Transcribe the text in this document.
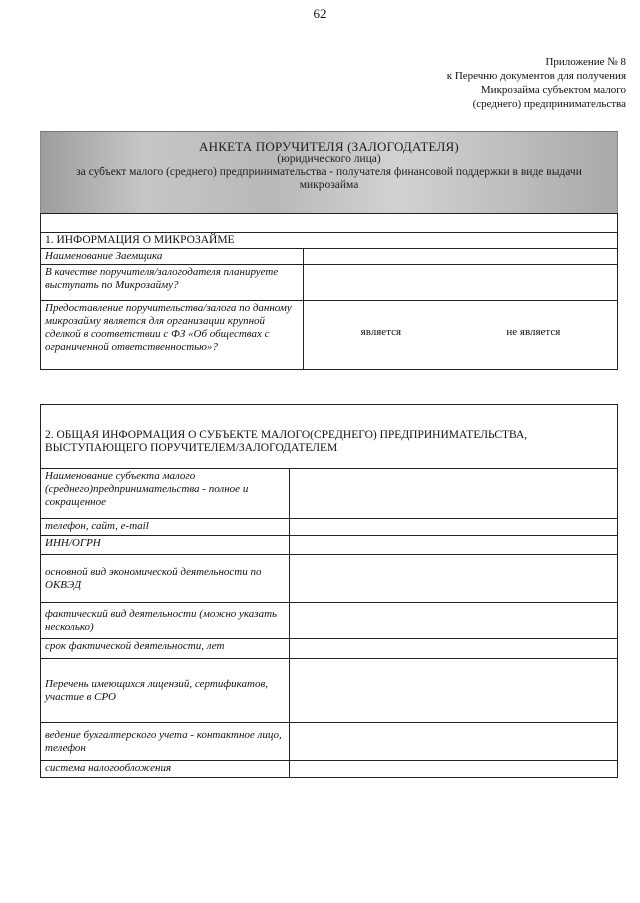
62
Приложение № 8
к Перечню документов для получения
Микрозайма субъектом малого
(среднего) предпринимательства
АНКЕТА ПОРУЧИТЕЛЯ (ЗАЛОГОДАТЕЛЯ)
(юридического лица)
за субъект малого (среднего) предпринимательства - получателя финансовой поддержки в виде выдачи
микрозайма

1. ИНФОРМАЦИЯ О МИКРОЗАЙМЕ	
Наименование Заемщика	
В качестве поручителя/залогодателя планируете выступать по Микрозайму?	
Предоставление поручительства/залога по данному микрозайму является для организации крупной сделкой в соответствии с ФЗ «Об обществах с ограниченной ответственностью»?	является не является
2. ОБЩАЯ ИНФОРМАЦИЯ О СУБЪЕКТЕ МАЛОГО(СРЕДНЕГО) ПРЕДПРИНИМАТЕЛЬСТВА, ВЫСТУПАЮЩЕГО ПОРУЧИТЕЛЕМ/ЗАЛОГОДАТЕЛЕМ	
Наименование субъекта малого (среднего)предпринимательства - полное и сокращенное	
телефон, сайт, e-mail	
ИНН/ОГРН	
основной вид экономической деятельности по ОКВЭД	
фактический вид деятельности (можно указать несколько)	
срок фактической деятельности, лет	
Перечень имеющихся лицензий, сертификатов, участие в СРО	
ведение бухгалтерского учета - контактное лицо, телефон	
система налогообложения	
